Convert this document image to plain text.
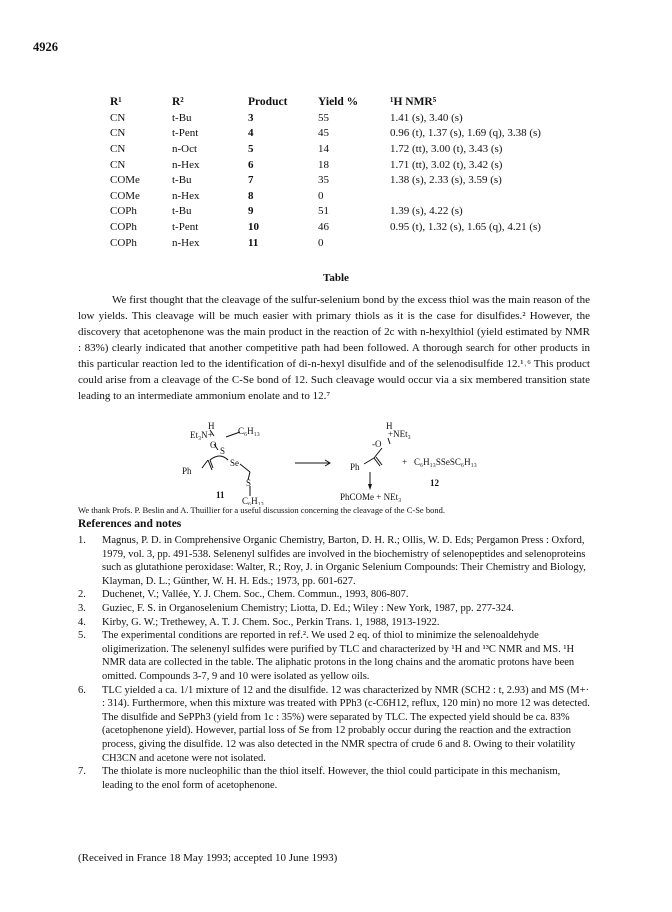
4926
R¹	R²	Product	Yield %	¹H NMR⁵
CN	t-Bu	3	55	1.41 (s), 3.40 (s)
CN	t-Pent	4	45	0.96 (t), 1.37 (s), 1.69 (q), 3.38 (s)
CN	n-Oct	5	14	1.72 (tt), 3.00 (t), 3.43 (s)
CN	n-Hex	6	18	1.71 (tt), 3.02 (t), 3.42 (s)
COMe	t-Bu	7	35	1.38 (s), 2.33 (s), 3.59 (s)
COMe	n-Hex	8	0	
COPh	t-Bu	9	51	1.39 (s), 4.22 (s)
COPh	t-Pent	10	46	0.95 (t), 1.32 (s), 1.65 (q), 4.21 (s)
COPh	n-Hex	11	0	
Table

We first thought that the cleavage of the sulfur-selenium bond by the excess thiol was the main reason of the low yields. This cleavage will be much easier with primary thiols as it is the case for disulfides.² However, the discovery that acetophenone was the main product in the reaction of 2c with n-hexylthiol (yield estimated by NMR : 83%) clearly indicated that another competitive path had been followed. A thorough search for other products in this particular reaction led to the identification of di-n-hexyl disulfide and of the selenodisulfide 12.¹˒⁶ This product could arise from a cleavage of the C-Se bond of 12. Such cleavage would occur via a six membered transition state leading to an intermediate ammonium enolate and to 12.⁷

H
Et₃N+	C₆H₁₃
O
S
Ph
Se
S
C₆H₁₃
11
H
+NEt₃
-O
Ph	+ C₆H₁₃SSeSC₆H₁₃
12
PhCOMe + NEt₃
We thank Profs. P. Beslin and A. Thuillier for a useful discussion concerning the cleavage of the C-Se bond.
References and notes
1. Magnus, P. D. in Comprehensive Organic Chemistry, Barton, D. H. R.; Ollis, W. D. Eds; Pergamon Press : Oxford, 1979, vol. 3, pp. 491-538. Selenenyl sulfides are involved in the biochemistry of selenopeptides and selenoproteins such as glutathione peroxidase: Walter, R.; Roy, J. in Organic Selenium Compounds: Their Chemistry and Biology, Klayman, D. L.; Günther, W. H. H. Eds.; 1973, pp. 601-627.
2. Duchenet, V.; Vallée, Y. J. Chem. Soc., Chem. Commun., 1993, 806-807.
3. Guziec, F. S. in Organoselenium Chemistry; Liotta, D. Ed.; Wiley : New York, 1987, pp. 277-324.
4. Kirby, G. W.; Trethewey, A. T. J. Chem. Soc., Perkin Trans. 1, 1988, 1913-1922.
5. The experimental conditions are reported in ref.². We used 2 eq. of thiol to minimize the selenoaldehyde oligimerization. The selenenyl sulfides were purified by TLC and characterized by ¹H and ¹³C NMR and MS. ¹H NMR data are collected in the table. The aliphatic protons in the long chains and the aromatic protons have been omitted. Compounds 3-7, 9 and 10 were isolated as yellow oils.
6. TLC yielded a ca. 1/1 mixture of 12 and the disulfide. 12 was characterized by NMR (SCH2 : t, 2.93) and MS (M+· : 314). Furthermore, when this mixture was treated with PPh3 (c-C6H12, reflux, 120 min) no more 12 was detected. The disulfide and SePPh3 (yield from 1c : 35%) were separated by TLC. The expected yield should be ca. 83% (acetophenone yield). However, partial loss of Se from 12 probably occur during the reaction and the extraction process, giving the disulfide. 12 was also detected in the NMR spectra of crude 6 and 8. Owing to their volatility CH3CN and acetone were not isolated.
7. The thiolate is more nucleophilic than the thiol itself. However, the thiol could participate in this mechanism, leading to the enol form of acetophenone.
(Received in France 18 May 1993; accepted 10 June 1993)
